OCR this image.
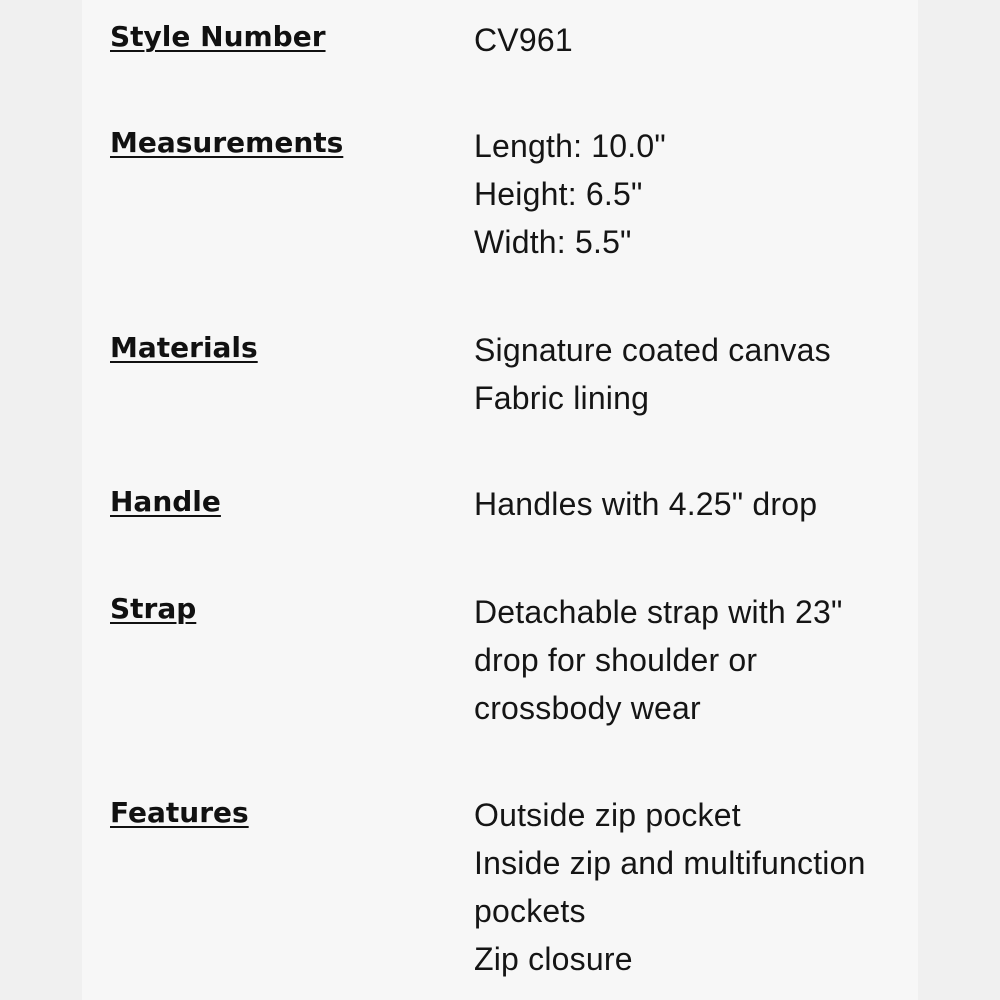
Style Number	CV961
Measurements	Length: 10.0"
Height: 6.5"
Width: 5.5"
Materials	Signature coated canvas
Fabric lining
Handle	Handles with 4.25" drop
Strap	Detachable strap with 23"
drop for shoulder or
crossbody wear
Features	Outside zip pocket
Inside zip and multifunction
pockets
Zip closure
